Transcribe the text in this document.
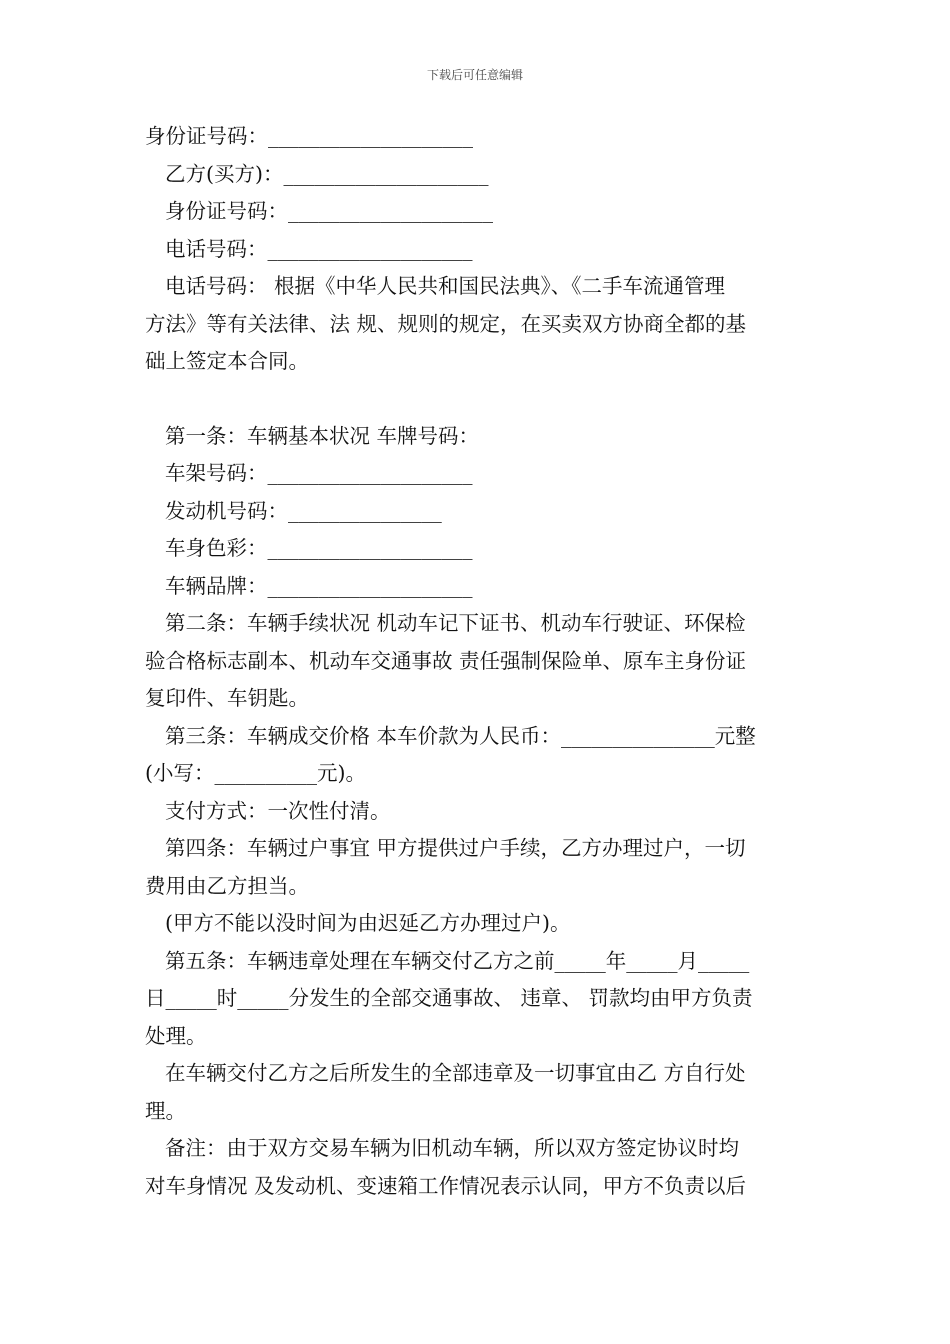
下载后可任意编辑
身份证号码：____________________
乙方(买方)：____________________
身份证号码：____________________
电话号码：____________________
电话号码： 根据《中华人民共和国民法典》、《二手车流通管理
方法》等有关法律、法 规、规则的规定，在买卖双方协商全都的基
础上签定本合同。
第一条：车辆基本状况 车牌号码：
车架号码：____________________
发动机号码：_______________
车身色彩：____________________
车辆品牌：____________________
第二条：车辆手续状况 机动车记下证书、机动车行驶证、环保检
验合格标志副本、机动车交通事故 责任强制保险单、原车主身份证
复印件、车钥匙。
第三条：车辆成交价格 本车价款为人民币：_______________元整
(小写：__________元)。
支付方式：一次性付清。
第四条：车辆过户事宜 甲方提供过户手续，乙方办理过户，一切
费用由乙方担当。
(甲方不能以没时间为由迟延乙方办理过户)。
第五条：车辆违章处理在车辆交付乙方之前_____年_____月_____
日_____时_____分发生的全部交通事故、 违章、 罚款均由甲方负责
处理。
在车辆交付乙方之后所发生的全部违章及一切事宜由乙 方自行处
理。
备注：由于双方交易车辆为旧机动车辆，所以双方签定协议时均
对车身情况 及发动机、变速箱工作情况表示认同，甲方不负责以后
